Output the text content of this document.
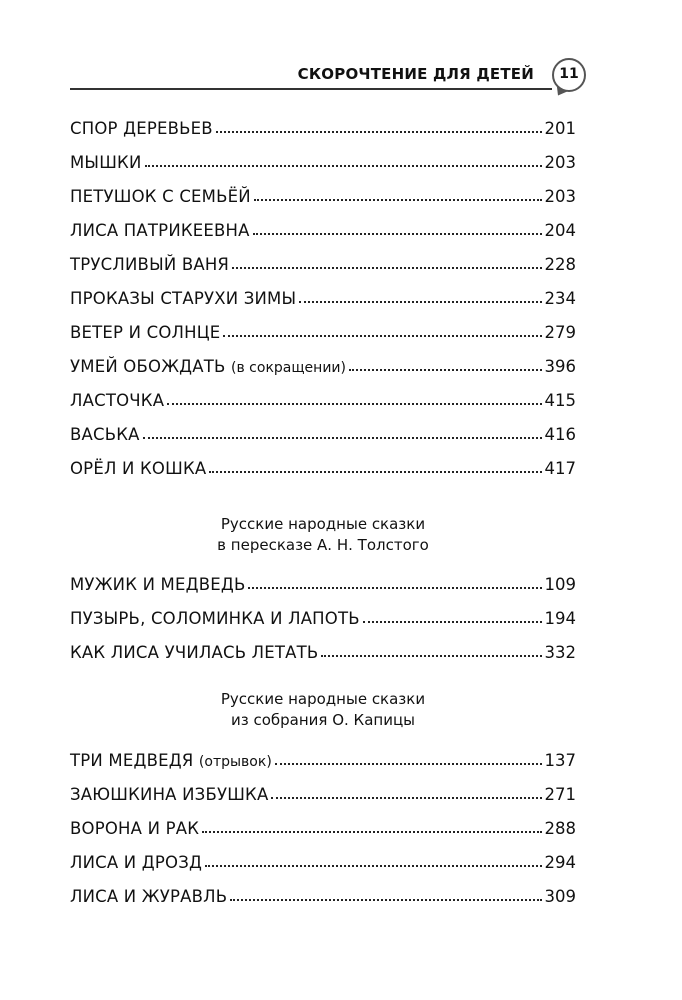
СКОРОЧТЕНИЕ ДЛЯ ДЕТЕЙ	11
СПОР ДЕРЕВЬЕВ	201
МЫШКИ	203
ПЕТУШОК С СЕМЬЁЙ	203
ЛИСА ПАТРИКЕЕВНА	204
ТРУСЛИВЫЙ ВАНЯ	228
ПРОКАЗЫ СТАРУХИ ЗИМЫ	234
ВЕТЕР И СОЛНЦЕ	279
УМЕЙ ОБОЖДАТЬ (в сокращении)	396
ЛАСТОЧКА	415
ВАСЬКА	416
ОРЁЛ И КОШКА	417
Русские народные сказки
в пересказе А. Н. Толстого
МУЖИК И МЕДВЕДЬ	109
ПУЗЫРЬ, СОЛОМИНКА И ЛАПОТЬ	194
КАК ЛИСА УЧИЛАСЬ ЛЕТАТЬ	332
Русские народные сказки
из собрания О. Капицы
ТРИ МЕДВЕДЯ (отрывок)	137
ЗАЮШКИНА ИЗБУШКА	271
ВОРОНА И РАК	288
ЛИСА И ДРОЗД	294
ЛИСА И ЖУРАВЛЬ	309
